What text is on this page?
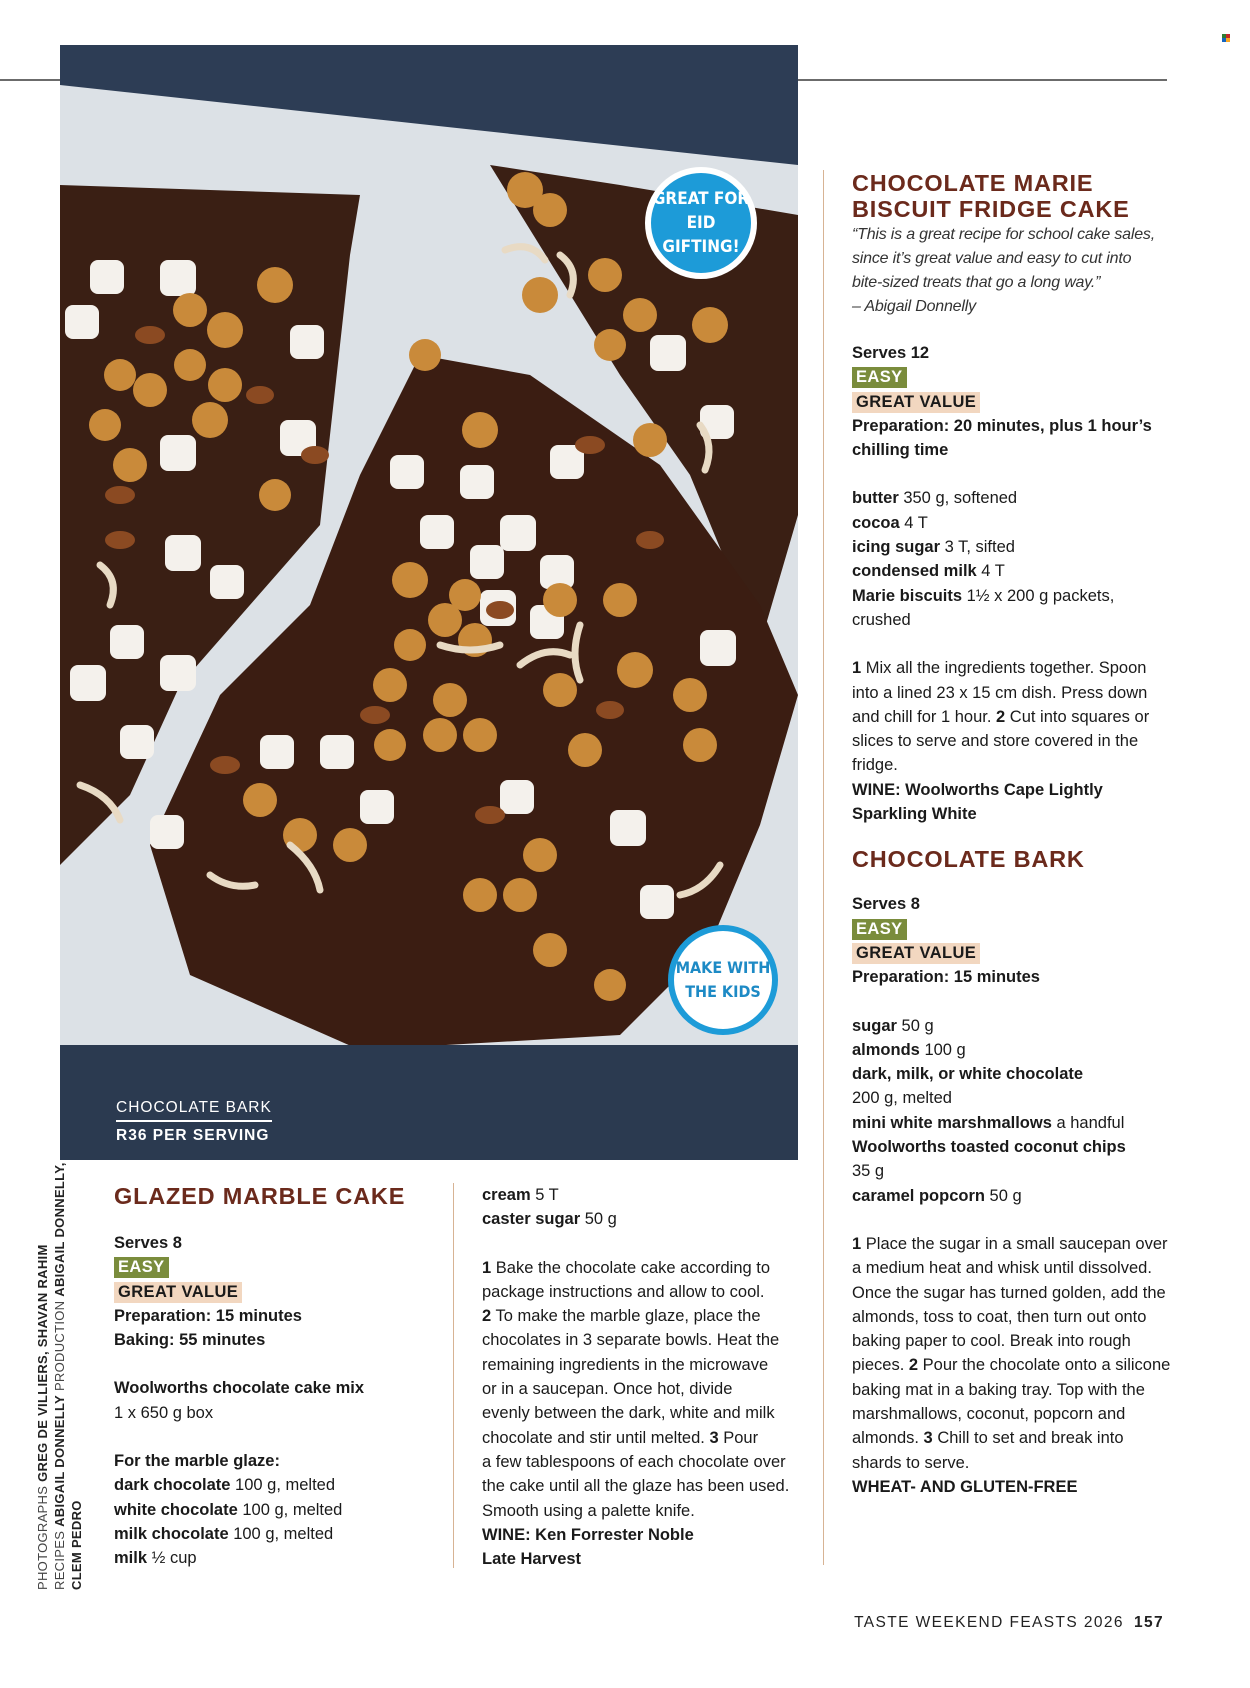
GREAT FOR
EID GIFTING!
MAKE WITH
THE KIDS
CHOCOLATE BARK
R36 PER SERVING
PHOTOGRAPHS GREG DE VILLIERS, SHAVAN RAHIM
RECIPES ABIGAIL DONNELLY PRODUCTION ABIGAIL DONNELLY,
CLEM PEDRO

GLAZED MARBLE CAKE

Serves 8

EASY

GREAT VALUE

Preparation: 15 minutes

Baking: 55 minutes

Woolworths chocolate cake mix

1 x 650 g box

For the marble glaze:

dark chocolate 100 g, melted

white chocolate 100 g, melted

milk chocolate 100 g, melted

milk ½ cup

cream 5 T

caster sugar 50 g

1 Bake the chocolate cake according to

package instructions and allow to cool.

2 To make the marble glaze, place the

chocolates in 3 separate bowls. Heat the

remaining ingredients in the microwave

or in a saucepan. Once hot, divide

evenly between the dark, white and milk

chocolate and stir until melted. 3 Pour

a few tablespoons of each chocolate over

the cake until all the glaze has been used.

Smooth using a palette knife.

WINE: Ken Forrester Noble

Late Harvest

CHOCOLATE MARIE

BISCUIT FRIDGE CAKE

“This is a great recipe for school cake sales,

since it’s great value and easy to cut into

bite-sized treats that go a long way.”

– Abigail Donnelly

Serves 12

EASY

GREAT VALUE

Preparation: 20 minutes, plus 1 hour’s

chilling time

butter 350 g, softened

cocoa 4 T

icing sugar 3 T, sifted

condensed milk 4 T

Marie biscuits 1½ x 200 g packets,

crushed

1 Mix all the ingredients together. Spoon

into a lined 23 x 15 cm dish. Press down

and chill for 1 hour. 2 Cut into squares or

slices to serve and store covered in the

fridge.

WINE: Woolworths Cape Lightly

Sparkling White

CHOCOLATE BARK

Serves 8

EASY

GREAT VALUE

Preparation: 15 minutes

sugar 50 g

almonds 100 g

dark, milk, or white chocolate

200 g, melted

mini white marshmallows a handful

Woolworths toasted coconut chips

35 g

caramel popcorn 50 g

1 Place the sugar in a small saucepan over

a medium heat and whisk until dissolved.

Once the sugar has turned golden, add the

almonds, toss to coat, then turn out onto

baking paper to cool. Break into rough

pieces. 2 Pour the chocolate onto a silicone

baking mat in a baking tray. Top with the

marshmallows, coconut, popcorn and

almonds. 3 Chill to set and break into

shards to serve.

WHEAT- AND GLUTEN-FREE

TASTE WEEKEND FEASTS 2026 157
